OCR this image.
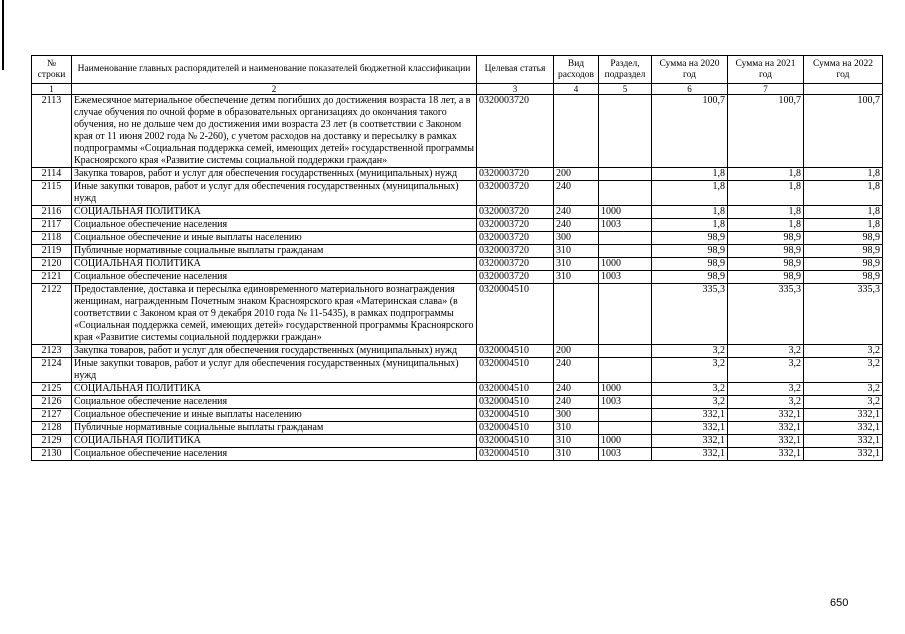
№ строки	Наименование главных распорядителей и наименование показателей бюджетной классификации	Целевая статья	Вид расходов	Раздел, подраздел	Сумма на 2020 год	Сумма на 2021 год	Сумма на 2022 год
1	2	3	4	5	6	7	
2113	Ежемесячное материальное обеспечение детям погибших до достижения возраста 18 лет, а в случае обучения по очной форме в образовательных организациях до окончания такого обучения, но не дольше чем до достижения ими возраста 23 лет (в соответствии с Законом края от 11 июня 2002 года № 2-260), с учетом расходов на доставку и пересылку в рамках подпрограммы «Социальная поддержка семей, имеющих детей» государственной программы Красноярского края «Развитие системы социальной поддержки граждан»	0320003720			100,7	100,7	100,7
2114	Закупка товаров, работ и услуг для обеспечения государственных (муниципальных) нужд	0320003720	200		1,8	1,8	1,8
2115	Иные закупки товаров, работ и услуг для обеспечения государственных (муниципальных) нужд	0320003720	240		1,8	1,8	1,8
2116	СОЦИАЛЬНАЯ ПОЛИТИКА	0320003720	240	1000	1,8	1,8	1,8
2117	Социальное обеспечение населения	0320003720	240	1003	1,8	1,8	1,8
2118	Социальное обеспечение и иные выплаты населению	0320003720	300		98,9	98,9	98,9
2119	Публичные нормативные социальные выплаты гражданам	0320003720	310		98,9	98,9	98,9
2120	СОЦИАЛЬНАЯ ПОЛИТИКА	0320003720	310	1000	98,9	98,9	98,9
2121	Социальное обеспечение населения	0320003720	310	1003	98,9	98,9	98,9
2122	Предоставление, доставка и пересылка единовременного материального вознаграждения женщинам, награжденным Почетным знаком Красноярского края «Материнская слава» (в соответствии с Законом края от 9 декабря 2010 года № 11-5435), в рамках подпрограммы «Социальная поддержка семей, имеющих детей» государственной программы Красноярского края «Развитие системы социальной поддержки граждан»	0320004510			335,3	335,3	335,3
2123	Закупка товаров, работ и услуг для обеспечения государственных (муниципальных) нужд	0320004510	200		3,2	3,2	3,2
2124	Иные закупки товаров, работ и услуг для обеспечения государственных (муниципальных) нужд	0320004510	240		3,2	3,2	3,2
2125	СОЦИАЛЬНАЯ ПОЛИТИКА	0320004510	240	1000	3,2	3,2	3,2
2126	Социальное обеспечение населения	0320004510	240	1003	3,2	3,2	3,2
2127	Социальное обеспечение и иные выплаты населению	0320004510	300		332,1	332,1	332,1
2128	Публичные нормативные социальные выплаты гражданам	0320004510	310		332,1	332,1	332,1
2129	СОЦИАЛЬНАЯ ПОЛИТИКА	0320004510	310	1000	332,1	332,1	332,1
2130	Социальное обеспечение населения	0320004510	310	1003	332,1	332,1	332,1
650
